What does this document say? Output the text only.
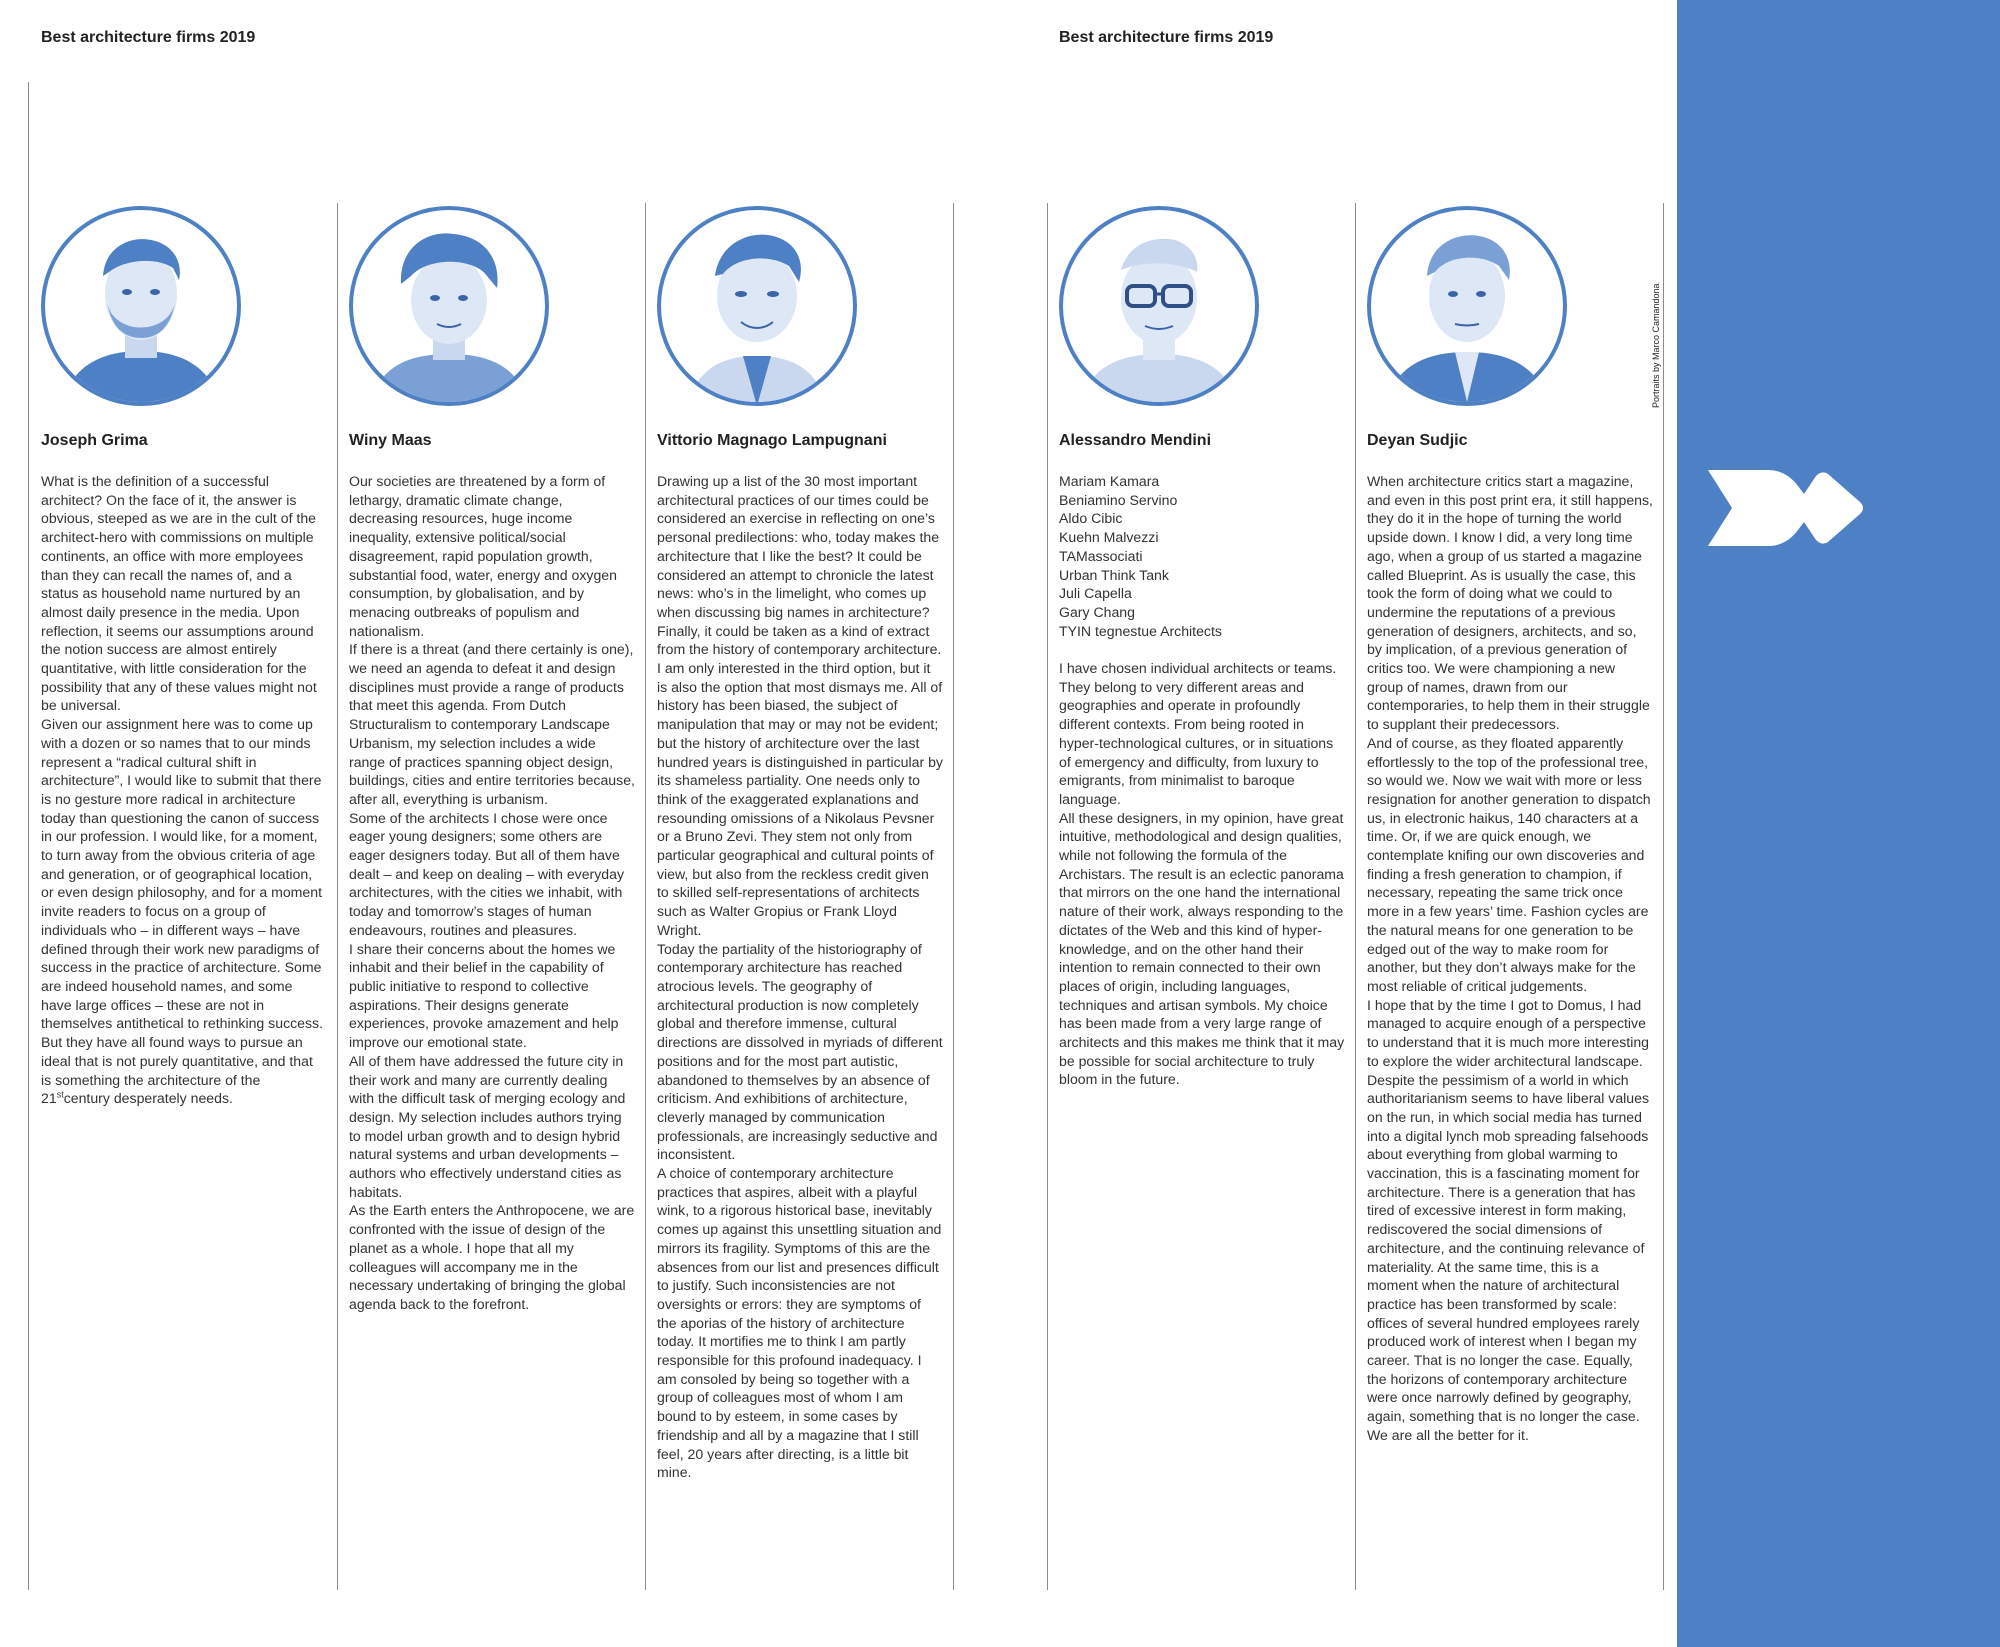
Best architecture firms 2019	Best architecture firms 2019
Joseph Grima

What is the definition of a successful architect? On the face of it, the answer is obvious, steeped as we are in the cult of the architect-hero with commissions on multiple continents, an office with more employees than they can recall the names of, and a status as household name nurtured by an almost daily presence in the media. Upon reflection, it seems our assumptions around the notion success are almost entirely quantitative, with little consideration for the possibility that any of these values might not be universal.

Given our assignment here was to come up with a dozen or so names that to our minds represent a “radical cultural shift in architecture”, I would like to submit that there is no gesture more radical in architecture today than questioning the canon of success in our profession. I would like, for a moment, to turn away from the obvious criteria of age and generation, or of geographical location, or even design philosophy, and for a moment invite readers to focus on a group of individuals who – in different ways – have defined through their work new paradigms of success in the practice of architecture. Some are indeed household names, and some have large offices – these are not in themselves antithetical to rethinking success. But they have all found ways to pursue an ideal that is not purely quantitative, and that is something the architecture of the 21stcentury desperately needs.

Winy Maas

Our societies are threatened by a form of lethargy, dramatic climate change, decreasing resources, huge income inequality, extensive political/social disagreement, rapid population growth, substantial food, water, energy and oxygen consumption, by globalisation, and by menacing outbreaks of populism and nationalism.

If there is a threat (and there certainly is one), we need an agenda to defeat it and design disciplines must provide a range of products that meet this agenda. From Dutch Structuralism to contemporary Landscape Urbanism, my selection includes a wide range of practices spanning object design, buildings, cities and entire territories because, after all, everything is urbanism.

Some of the architects I chose were once eager young designers; some others are eager designers today. But all of them have dealt – and keep on dealing – with everyday architectures, with the cities we inhabit, with today and tomorrow’s stages of human endeavours, routines and pleasures.

I share their concerns about the homes we inhabit and their belief in the capability of public initiative to respond to collective aspirations. Their designs generate experiences, provoke amazement and help improve our emotional state.

All of them have addressed the future city in their work and many are currently dealing with the difficult task of merging ecology and design. My selection includes authors trying to model urban growth and to design hybrid natural systems and urban developments – authors who effectively understand cities as habitats.

As the Earth enters the Anthropocene, we are confronted with the issue of design of the planet as a whole. I hope that all my colleagues will accompany me in the necessary undertaking of bringing the global agenda back to the forefront.

Vittorio Magnago Lampugnani

Drawing up a list of the 30 most important architectural practices of our times could be considered an exercise in reflecting on one’s personal predilections: who, today makes the architecture that I like the best? It could be considered an attempt to chronicle the latest news: who’s in the limelight, who comes up when discussing big names in architecture? Finally, it could be taken as a kind of extract from the history of contemporary architecture.

I am only interested in the third option, but it is also the option that most dismays me. All of history has been biased, the subject of manipulation that may or may not be evident; but the history of architecture over the last hundred years is distinguished in particular by its shameless partiality. One needs only to think of the exaggerated explanations and resounding omissions of a Nikolaus Pevsner or a Bruno Zevi. They stem not only from particular geographical and cultural points of view, but also from the reckless credit given to skilled self-representations of architects such as Walter Gropius or Frank Lloyd Wright.

Today the partiality of the historiography of contemporary architecture has reached atrocious levels. The geography of architectural production is now completely global and therefore immense, cultural directions are dissolved in myriads of different positions and for the most part autistic, abandoned to themselves by an absence of criticism. And exhibitions of architecture, cleverly managed by communication professionals, are increasingly seductive and inconsistent.

A choice of contemporary architecture practices that aspires, albeit with a playful wink, to a rigorous historical base, inevitably comes up against this unsettling situation and mirrors its fragility. Symptoms of this are the absences from our list and presences difficult to justify. Such inconsistencies are not oversights or errors: they are symptoms of the aporias of the history of architecture today. It mortifies me to think I am partly responsible for this profound inadequacy. I am consoled by being so together with a group of colleagues most of whom I am bound to by esteem, in some cases by friendship and all by a magazine that I still feel, 20 years after directing, is a little bit mine.

Alessandro Mendini
Mariam Kamara
Beniamino Servino
Aldo Cibic
Kuehn Malvezzi
TAMassociati
Urban Think Tank
Juli Capella
Gary Chang
TYIN tegnestue Architects

I have chosen individual architects or teams. They belong to very different areas and geographies and operate in profoundly different contexts. From being rooted in hyper-technological cultures, or in situations of emergency and difficulty, from luxury to emigrants, from minimalist to baroque language.

All these designers, in my opinion, have great intuitive, methodological and design qualities, while not following the formula of the Archistars. The result is an eclectic panorama that mirrors on the one hand the international nature of their work, always responding to the dictates of the Web and this kind of hyper-knowledge, and on the other hand their intention to remain connected to their own places of origin, including languages, techniques and artisan symbols. My choice has been made from a very large range of architects and this makes me think that it may be possible for social architecture to truly bloom in the future.

Deyan Sudjic

When architecture critics start a magazine, and even in this post print era, it still happens, they do it in the hope of turning the world upside down. I know I did, a very long time ago, when a group of us started a magazine called Blueprint. As is usually the case, this took the form of doing what we could to undermine the reputations of a previous generation of designers, architects, and so, by implication, of a previous generation of critics too. We were championing a new group of names, drawn from our contemporaries, to help them in their struggle to supplant their predecessors.

And of course, as they floated apparently effortlessly to the top of the professional tree, so would we. Now we wait with more or less resignation for another generation to dispatch us, in electronic haikus, 140 characters at a time. Or, if we are quick enough, we contemplate knifing our own discoveries and finding a fresh generation to champion, if necessary, repeating the same trick once more in a few years’ time. Fashion cycles are the natural means for one generation to be edged out of the way to make room for another, but they don’t always make for the most reliable of critical judgements.

I hope that by the time I got to Domus, I had managed to acquire enough of a perspective to understand that it is much more interesting to explore the wider architectural landscape. Despite the pessimism of a world in which authoritarianism seems to have liberal values on the run, in which social media has turned into a digital lynch mob spreading falsehoods about everything from global warming to vaccination, this is a fascinating moment for architecture. There is a generation that has tired of excessive interest in form making, rediscovered the social dimensions of architecture, and the continuing relevance of materiality. At the same time, this is a moment when the nature of architectural practice has been transformed by scale: offices of several hundred employees rarely produced work of interest when I began my career. That is no longer the case. Equally, the horizons of contemporary architecture were once narrowly defined by geography, again, something that is no longer the case. We are all the better for it.

Portraits by Marco Camandona
